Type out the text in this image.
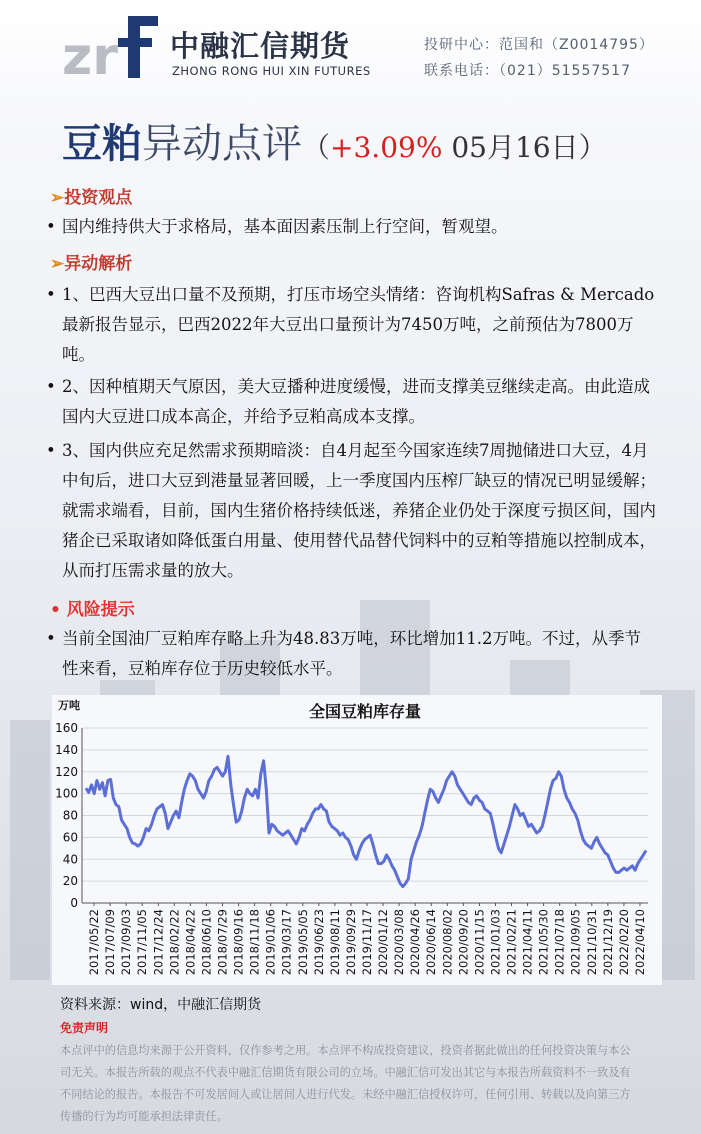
zr 中融汇信期货
ZHONG RONG HUI XIN FUTURES
投研中心：范国和（Z0014795）
联系电话：（021）51557517
豆粕异动点评（+3.09% 05月16日）
➢投资观点
• 国内维持供大于求格局，基本面因素压制上行空间，暂观望。
➢异动解析
• 1、巴西大豆出口量不及预期，打压市场空头情绪：咨询机构Safras & Mercado最新报告显示，巴西2022年大豆出口量预计为7450万吨，之前预估为7800万吨。
• 2、因种植期天气原因，美大豆播种进度缓慢，进而支撑美豆继续走高。由此造成国内大豆进口成本高企，并给予豆粕高成本支撑。
• 3、国内供应充足然需求预期暗淡：自4月起至今国家连续7周抛储进口大豆，4月中旬后，进口大豆到港量显著回暖，上一季度国内压榨厂缺豆的情况已明显缓解；就需求端看，目前，国内生猪价格持续低迷，养猪企业仍处于深度亏损区间，国内猪企已采取诸如降低蛋白用量、使用替代品替代饲料中的豆粕等措施以控制成本，从而打压需求量的放大。
• 风险提示
• 当前全国油厂豆粕库存略上升为48.83万吨，环比增加11.2万吨。不过，从季节性来看，豆粕库存位于历史较低水平。
全国豆粕库存量
万吨
0
20
40
60
80
100
120
140
160
2017/05/22 2017/07/09 2017/09/03 2017/11/05 2017/12/24 2018/02/22 2018/04/22 2018/06/10 2018/07/29 2018/09/16 2018/11/18 2019/01/06 2019/03/17 2019/05/05 2019/06/23 2019/08/11 2019/09/29 2019/11/17 2020/01/12 2020/03/08 2020/04/26 2020/06/14 2020/08/02 2020/09/20 2020/11/15 2021/01/03 2021/02/21 2021/04/11 2021/05/30 2021/07/18 2021/09/05 2021/10/31 2021/12/19 2022/02/20 2022/04/10
资料来源：wind，中融汇信期货
免责声明
本点评中的信息均来源于公开资料，仅作参考之用。本点评不构成投资建议，投资者据此做出的任何投资决策与本公司无关。本报告所载的观点不代表中融汇信期货有限公司的立场。中融汇信可发出其它与本报告所载资料不一致及有不同结论的报告。本报告不可发居间人或让居间人进行代发。未经中融汇信授权许可，任何引用、转载以及向第三方传播的行为均可能承担法律责任。
